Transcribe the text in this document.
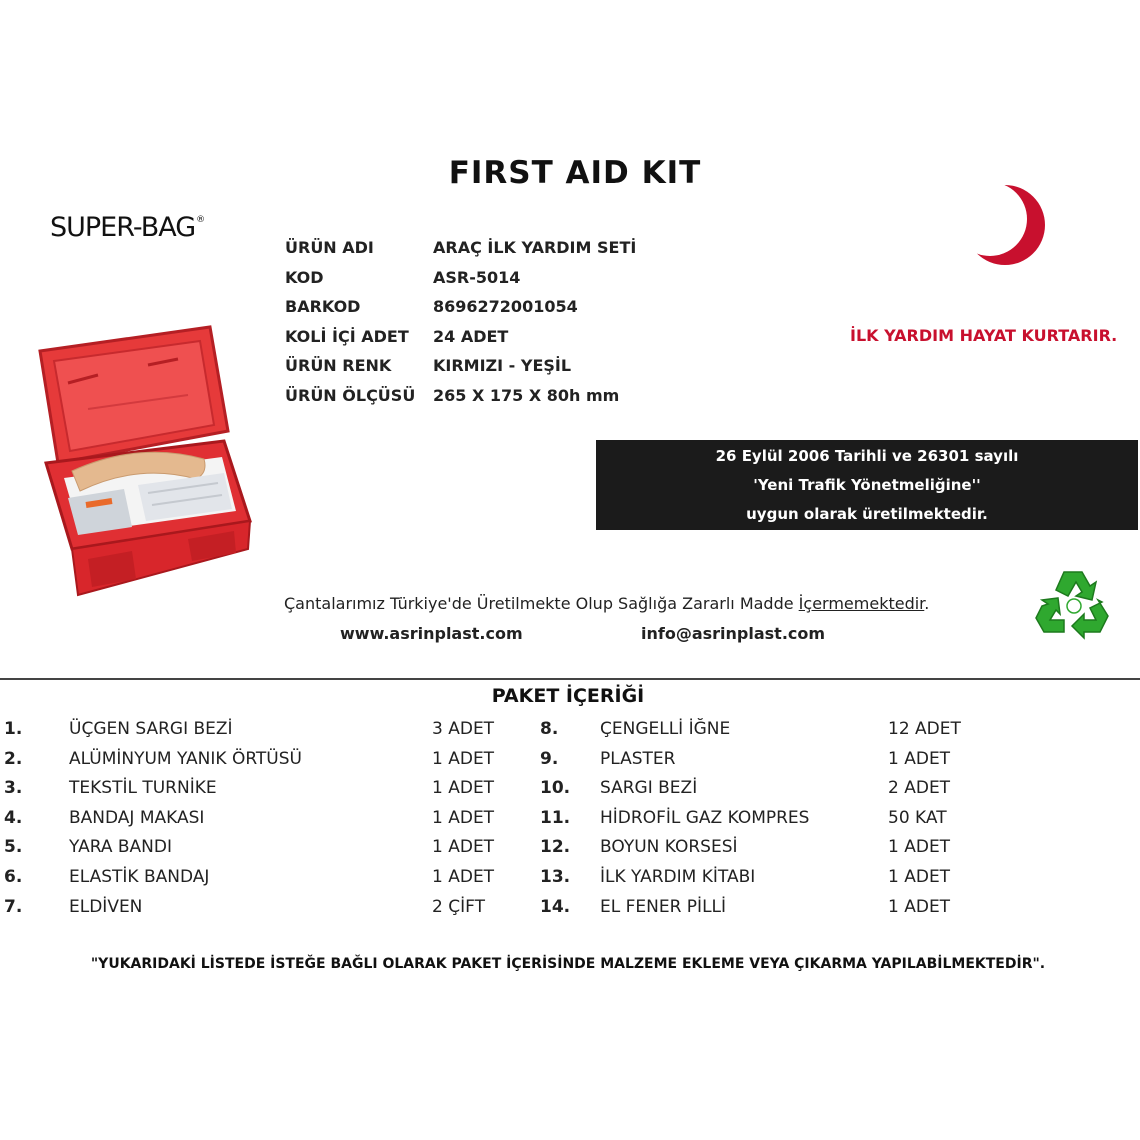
FIRST AID KIT
SUPER-BAG®
ÜRÜN ADI	ARAÇ İLK YARDIM SETİ
KOD	ASR-5014
BARKOD	8696272001054
KOLİ İÇİ ADET 24 ADET
ÜRÜN RENK	KIRMIZI - YEŞİL
ÜRÜN ÖLÇÜSÜ 265 X 175 X 80h mm
İLK YARDIM HAYAT KURTARIR.
26 Eylül 2006 Tarihli ve 26301 sayılı
'Yeni Trafik Yönetmeliğine''
uygun olarak üretilmektedir.
Çantalarımız Türkiye'de Üretilmekte Olup Sağlığa Zararlı Madde İçermemektedir.
www.asrinplast.com	info@asrinplast.com
PAKET İÇERİĞİ
1.	ÜÇGEN SARGI BEZİ	3 ADET
2.	ALÜMİNYUM YANIK ÖRTÜSÜ	1 ADET
3.	TEKSTİL TURNİKE	1 ADET
4.	BANDAJ MAKASI	1 ADET
5.	YARA BANDI	1 ADET
6.	ELASTİK BANDAJ	1 ADET
7.	ELDİVEN	2 ÇİFT
8. ÇENGELLİ İĞNE	12 ADET
9. PLASTER	1 ADET
10. SARGI BEZİ	2 ADET
11. HİDROFİL GAZ KOMPRES	50 KAT
12. BOYUN KORSESİ	1 ADET
13. İLK YARDIM KİTABI	1 ADET
14. EL FENER PİLLİ	1 ADET
"YUKARIDAKİ LİSTEDE İSTEĞE BAĞLI OLARAK PAKET İÇERİSİNDE MALZEME EKLEME VEYA ÇIKARMA YAPILABİLMEKTEDİR".
